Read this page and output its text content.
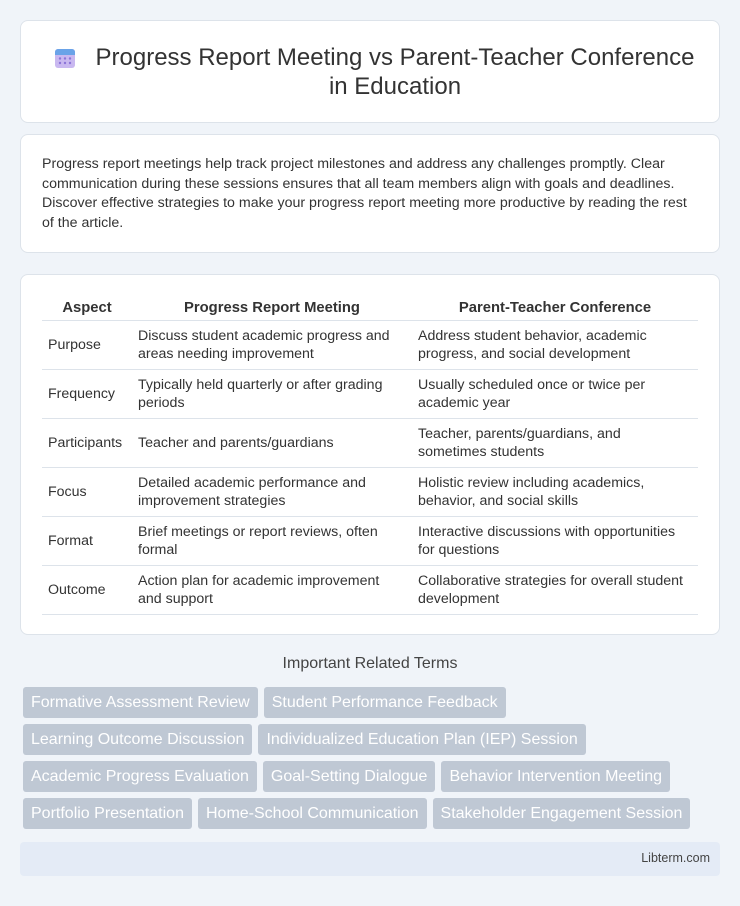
Progress Report Meeting vs Parent-Teacher Conference in Education

Progress report meetings help track project milestones and address any challenges promptly. Clear communication during these sessions ensures that all team members align with goals and deadlines. Discover effective strategies to make your progress report meeting more productive by reading the rest of the article.

Aspect	Progress Report Meeting	Parent-Teacher Conference
Purpose	Discuss student academic progress and areas needing improvement	Address student behavior, academic progress, and social development
Frequency	Typically held quarterly or after grading periods	Usually scheduled once or twice per academic year
Participants	Teacher and parents/guardians	Teacher, parents/guardians, and sometimes students
Focus	Detailed academic performance and improvement strategies	Holistic review including academics, behavior, and social skills
Format	Brief meetings or report reviews, often formal	Interactive discussions with opportunities for questions
Outcome	Action plan for academic improvement and support	Collaborative strategies for overall student development
Important Related Terms
Formative Assessment Review	Student Performance Feedback
Learning Outcome Discussion	Individualized Education Plan (IEP) Session
Academic Progress Evaluation	Goal-Setting Dialogue	Behavior Intervention Meeting
Portfolio Presentation	Home-School Communication	Stakeholder Engagement Session
Libterm.com
